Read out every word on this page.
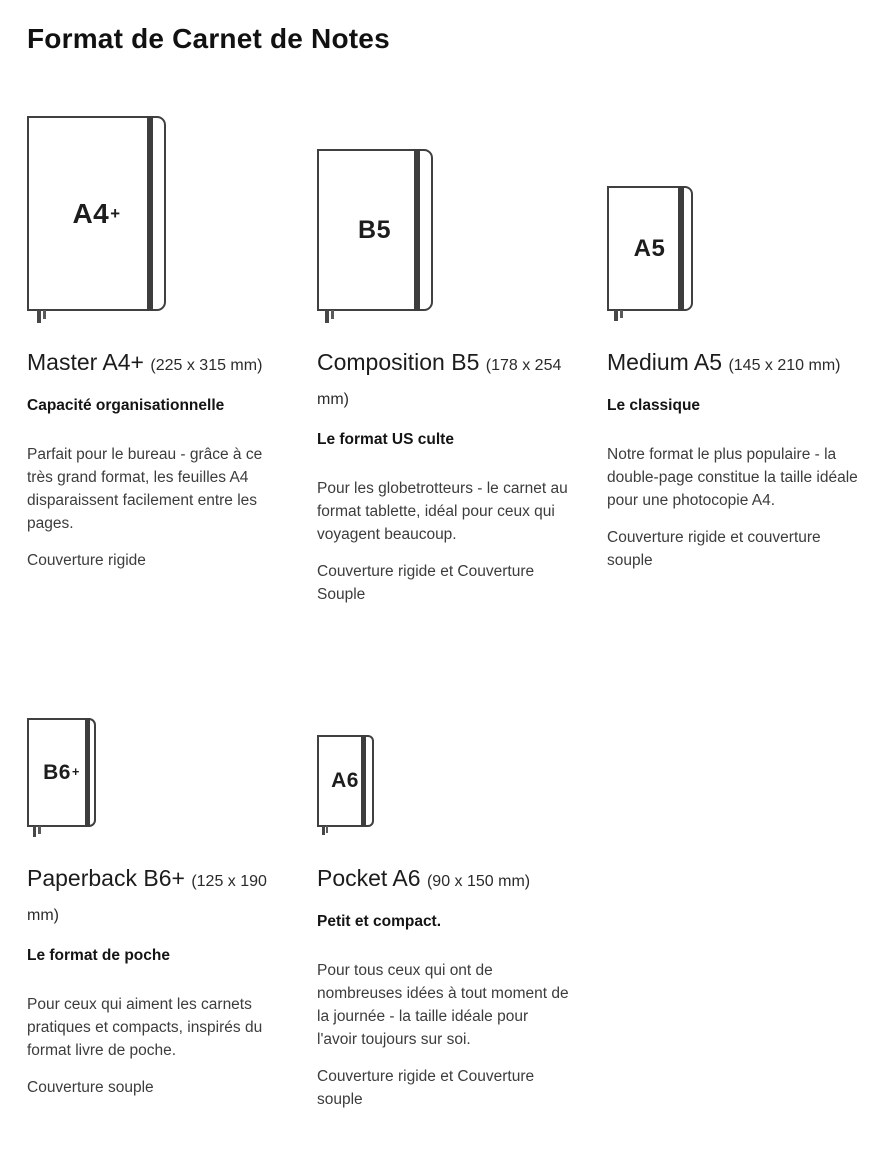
Format de Carnet de Notes
A4+
Master A4+ (225 x 315 mm)
Capacité organisationnelle

Parfait pour le bureau - grâce à ce très grand format, les feuilles A4 disparaissent facilement entre les pages.

Couverture rigide

B5
Composition B5 (178 x 254 mm)
Le format US culte

Pour les globetrotteurs - le carnet au format tablette, idéal pour ceux qui voyagent beaucoup.

Couverture rigide et Couverture Souple

A5
Medium A5 (145 x 210 mm)
Le classique

Notre format le plus populaire - la double-page constitue la taille idéale pour une photocopie A4.

Couverture rigide et couverture souple

B6+
Paperback B6+ (125 x 190 mm)
Le format de poche

Pour ceux qui aiment les carnets pratiques et compacts, inspirés du format livre de poche.

Couverture souple

A6
Pocket A6 (90 x 150 mm)
Petit et compact.

Pour tous ceux qui ont de nombreuses idées à tout moment de la journée - la taille idéale pour l'avoir toujours sur soi.

Couverture rigide et Couverture souple
